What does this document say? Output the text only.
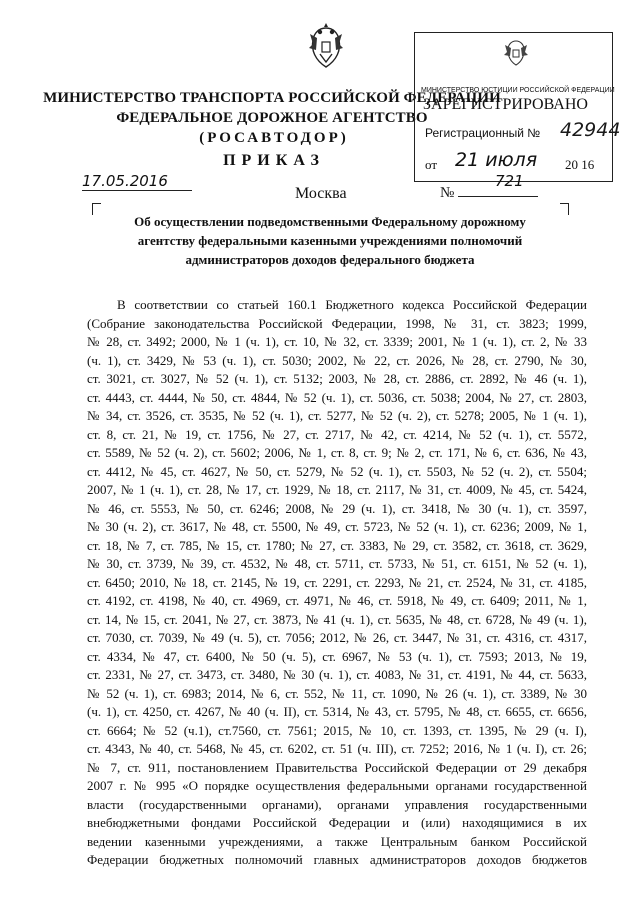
МИНИСТЕРСТВО ТРАНСПОРТА РОССИЙСКОЙ ФЕДЕРАЦИИ
ФЕДЕРАЛЬНОЕ ДОРОЖНОЕ АГЕНТСТВО
(РОСАВТОДОР)
ПРИКАЗ
МИНИСТЕРСТВО ЮСТИЦИИ РОССИЙСКОЙ ФЕДЕРАЦИИ
ЗАРЕГИСТРИРОВАНО
Регистрационный № 42944
от 21 июля 20 16
17.05.2016
Москва	№
721
Об осуществлении подведомственными Федеральному дорожному
агентству федеральными казенными учреждениями полномочий
администраторов доходов федерального бюджета
В соответствии со статьей 160.1 Бюджетного кодекса Российской Федерации
(Собрание законодательства Российской Федерации, 1998, № 31, ст. 3823; 1999,
№ 28, ст. 3492; 2000, № 1 (ч. 1), ст. 10, № 32, ст. 3339; 2001, № 1 (ч. 1), ст. 2, № 33
(ч. 1), ст. 3429, № 53 (ч. 1), ст. 5030; 2002, № 22, ст. 2026, № 28, ст. 2790, № 30,
ст. 3021, ст. 3027, № 52 (ч. 1), ст. 5132; 2003, № 28, ст. 2886, ст. 2892, № 46 (ч. 1),
ст. 4443, ст. 4444, № 50, ст. 4844, № 52 (ч. 1), ст. 5036, ст. 5038; 2004, № 27, ст. 2803,
№ 34, ст. 3526, ст. 3535, № 52 (ч. 1), ст. 5277, № 52 (ч. 2), ст. 5278; 2005, № 1 (ч. 1),
ст. 8, ст. 21, № 19, ст. 1756, № 27, ст. 2717, № 42, ст. 4214, № 52 (ч. 1), ст. 5572,
ст. 5589, № 52 (ч. 2), ст. 5602; 2006, № 1, ст. 8, ст. 9; № 2, ст. 171, № 6, ст. 636, № 43,
ст. 4412, № 45, ст. 4627, № 50, ст. 5279, № 52 (ч. 1), ст. 5503, № 52 (ч. 2), ст. 5504;
2007, № 1 (ч. 1), ст. 28, № 17, ст. 1929, № 18, ст. 2117, № 31, ст. 4009, № 45, ст. 5424,
№ 46, ст. 5553, № 50, ст. 6246; 2008, № 29 (ч. 1), ст. 3418, № 30 (ч. 1), ст. 3597,
№ 30 (ч. 2), ст. 3617, № 48, ст. 5500, № 49, ст. 5723, № 52 (ч. 1), ст. 6236; 2009, № 1,
ст. 18, № 7, ст. 785, № 15, ст. 1780; № 27, ст. 3383, № 29, ст. 3582, ст. 3618, ст. 3629,
№ 30, ст. 3739, № 39, ст. 4532, № 48, ст. 5711, ст. 5733, № 51, ст. 6151, № 52 (ч. 1),
ст. 6450; 2010, № 18, ст. 2145, № 19, ст. 2291, ст. 2293, № 21, ст. 2524, № 31, ст. 4185,
ст. 4192, ст. 4198, № 40, ст. 4969, ст. 4971, № 46, ст. 5918, № 49, ст. 6409; 2011, № 1,
ст. 14, № 15, ст. 2041, № 27, ст. 3873, № 41 (ч. 1), ст. 5635, № 48, ст. 6728, № 49 (ч. 1),
ст. 7030, ст. 7039, № 49 (ч. 5), ст. 7056; 2012, № 26, ст. 3447, № 31, ст. 4316, ст. 4317,
ст. 4334, № 47, ст. 6400, № 50 (ч. 5), ст. 6967, № 53 (ч. 1), ст. 7593; 2013, № 19,
ст. 2331, № 27, ст. 3473, ст. 3480, № 30 (ч. 1), ст. 4083, № 31, ст. 4191, № 44, ст. 5633,
№ 52 (ч. 1), ст. 6983; 2014, № 6, ст. 552, № 11, ст. 1090, № 26 (ч. 1), ст. 3389, № 30
(ч. 1), ст. 4250, ст. 4267, № 40 (ч. II), ст. 5314, № 43, ст. 5795, № 48, ст. 6655, ст. 6656,
ст. 6664; № 52 (ч.1), ст.7560, ст. 7561; 2015, № 10, ст. 1393, ст. 1395, № 29 (ч. I),
ст. 4343, № 40, ст. 5468, № 45, ст. 6202, ст. 51 (ч. III), ст. 7252; 2016, № 1 (ч. I), ст. 26;
№ 7, ст. 911, постановлением Правительства Российской Федерации от 29 декабря
2007 г. № 995 «О порядке осуществления федеральными органами государственной
власти (государственными органами), органами управления государственными
внебюджетными фондами Российской Федерации и (или) находящимися в их
ведении казенными учреждениями, а также Центральным банком Российской
Федерации бюджетных полномочий главных администраторов доходов бюджетов
